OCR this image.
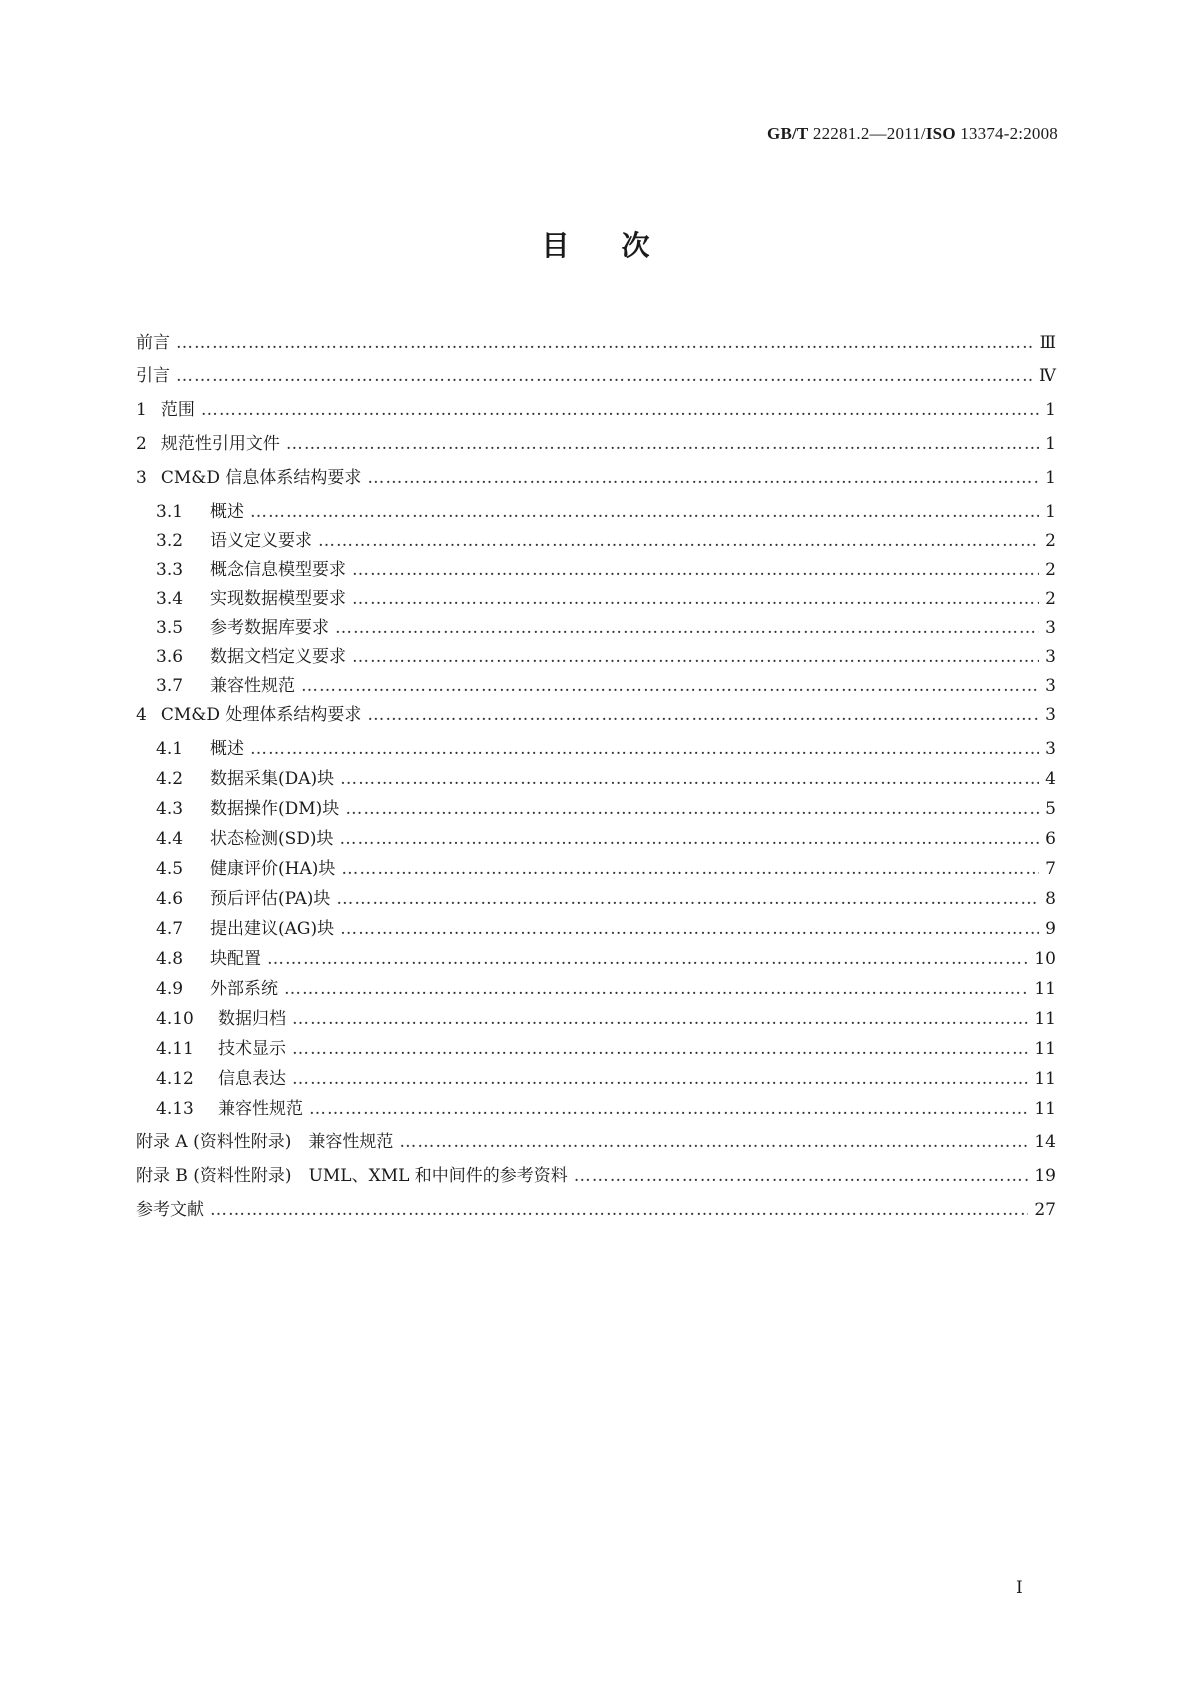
GB/T 22281.2—2011/ISO 13374-2:2008
目次
前言 ……………………………………………………………………………………………………………………………………………………………………………………………………………………………………	Ⅲ
引言 ……………………………………………………………………………………………………………………………………………………………………………………………………………………………………	Ⅳ
1 范围 ……………………………………………………………………………………………………………………………………………………………………………………………………………………………………	1
2 规范性引用文件 ……………………………………………………………………………………………………………………………………………………………………………………………………………………………………	1
3 CM&D 信息体系结构要求 ……………………………………………………………………………………………………………………………………………………………………………………………………………………………………	1
3.1 概述 ……………………………………………………………………………………………………………………………………………………………………………………………………………………………………	1
3.2 语义定义要求 ……………………………………………………………………………………………………………………………………………………………………………………………………………………………………	2
3.3 概念信息模型要求 ……………………………………………………………………………………………………………………………………………………………………………………………………………………………………	2
3.4 实现数据模型要求 ……………………………………………………………………………………………………………………………………………………………………………………………………………………………………	2
3.5 参考数据库要求 ……………………………………………………………………………………………………………………………………………………………………………………………………………………………………	3
3.6 数据文档定义要求 ……………………………………………………………………………………………………………………………………………………………………………………………………………………………………	3
3.7 兼容性规范 ……………………………………………………………………………………………………………………………………………………………………………………………………………………………………	3
4 CM&D 处理体系结构要求 ……………………………………………………………………………………………………………………………………………………………………………………………………………………………………	3
4.1 概述 ……………………………………………………………………………………………………………………………………………………………………………………………………………………………………	3
4.2 数据采集(DA)块 ……………………………………………………………………………………………………………………………………………………………………………………………………………………………………	4
4.3 数据操作(DM)块 ……………………………………………………………………………………………………………………………………………………………………………………………………………………………………	5
4.4 状态检测(SD)块 ……………………………………………………………………………………………………………………………………………………………………………………………………………………………………	6
4.5 健康评价(HA)块 ……………………………………………………………………………………………………………………………………………………………………………………………………………………………………	7
4.6 预后评估(PA)块 ……………………………………………………………………………………………………………………………………………………………………………………………………………………………………	8
4.7 提出建议(AG)块 ……………………………………………………………………………………………………………………………………………………………………………………………………………………………………	9
4.8 块配置 ……………………………………………………………………………………………………………………………………………………………………………………………………………………………………	10
4.9 外部系统 ……………………………………………………………………………………………………………………………………………………………………………………………………………………………………	11
4.10 数据归档 ……………………………………………………………………………………………………………………………………………………………………………………………………………………………………	11
4.11 技术显示 ……………………………………………………………………………………………………………………………………………………………………………………………………………………………………	11
4.12 信息表达 ……………………………………………………………………………………………………………………………………………………………………………………………………………………………………	11
4.13 兼容性规范 ……………………………………………………………………………………………………………………………………………………………………………………………………………………………………	11
附录 A (资料性附录)　兼容性规范 ……………………………………………………………………………………………………………………………………………………………………………………………………………………………………	14
附录 B (资料性附录)　UML、XML 和中间件的参考资料 ……………………………………………………………………………………………………………………………………………………………………………………………………………………………………	19
参考文献 ……………………………………………………………………………………………………………………………………………………………………………………………………………………………………	27
I
